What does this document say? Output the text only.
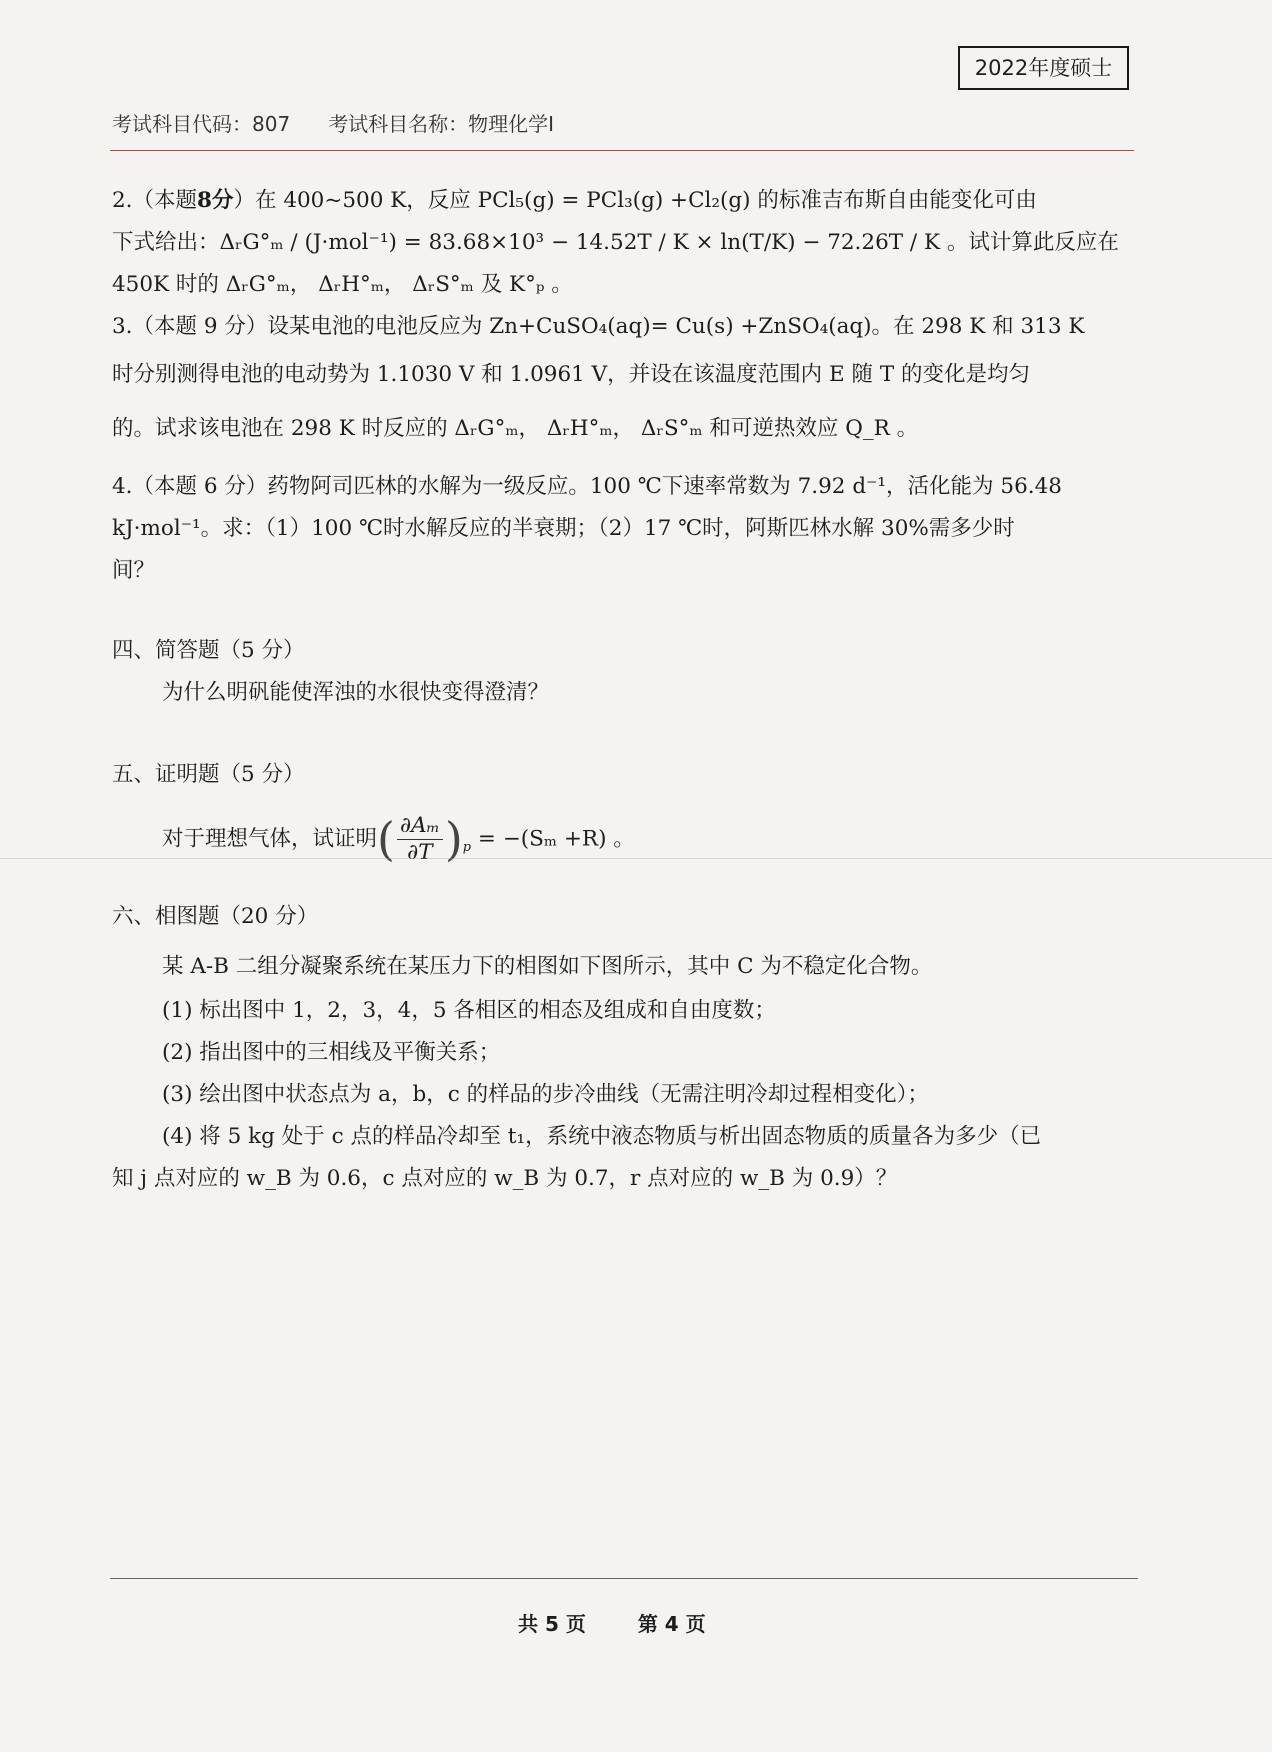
2022年度硕士
考试科目代码：807 考试科目名称：物理化学Ⅰ
2.（本题8分）在 400~500 K，反应 PCl₅(g) = PCl₃(g) +Cl₂(g) 的标准吉布斯自由能变化可由
下式给出：ΔᵣG°ₘ / (J·mol⁻¹) = 83.68×10³ − 14.52T / K × ln(T/K) − 72.26T / K 。试计算此反应在
450K 时的 ΔᵣG°ₘ， ΔᵣH°ₘ， ΔᵣS°ₘ 及 K°ₚ 。
3.（本题 9 分）设某电池的电池反应为 Zn+CuSO₄(aq)= Cu(s) +ZnSO₄(aq)。在 298 K 和 313 K
时分别测得电池的电动势为 1.1030 V 和 1.0961 V，并设在该温度范围内 E 随 T 的变化是均匀
的。试求该电池在 298 K 时反应的 ΔᵣG°ₘ， ΔᵣH°ₘ， ΔᵣS°ₘ 和可逆热效应 Q_R 。
4.（本题 6 分）药物阿司匹林的水解为一级反应。100 ℃下速率常数为 7.92 d⁻¹，活化能为 56.48
kJ·mol⁻¹。求：（1）100 ℃时水解反应的半衰期；（2）17 ℃时，阿斯匹林水解 30%需多少时
间？
四、简答题（5 分）
为什么明矾能使浑浊的水很快变得澄清？
五、证明题（5 分）
对于理想气体，试证明( $\frac{\text{∂Aₘ}}{\partial T} )_p = -(S_m +R)$ 。
六、相图题（20 分）
某 A-B 二组分凝聚系统在某压力下的相图如下图所示，其中 C 为不稳定化合物。
(1) 标出图中 1，2，3，4，5 各相区的相态及组成和自由度数；
(2) 指出图中的三相线及平衡关系；
(3) 绘出图中状态点为 a，b，c 的样品的步冷曲线（无需注明冷却过程相变化）；
(4) 将 5 kg 处于 c 点的样品冷却至 t₁，系统中液态物质与析出固态物质的质量各为多少（已
知 j 点对应的 w_B 为 0.6，c 点对应的 w_B 为 0.7，r 点对应的 w_B 为 0.9）？
共 5 页	第 4 页
